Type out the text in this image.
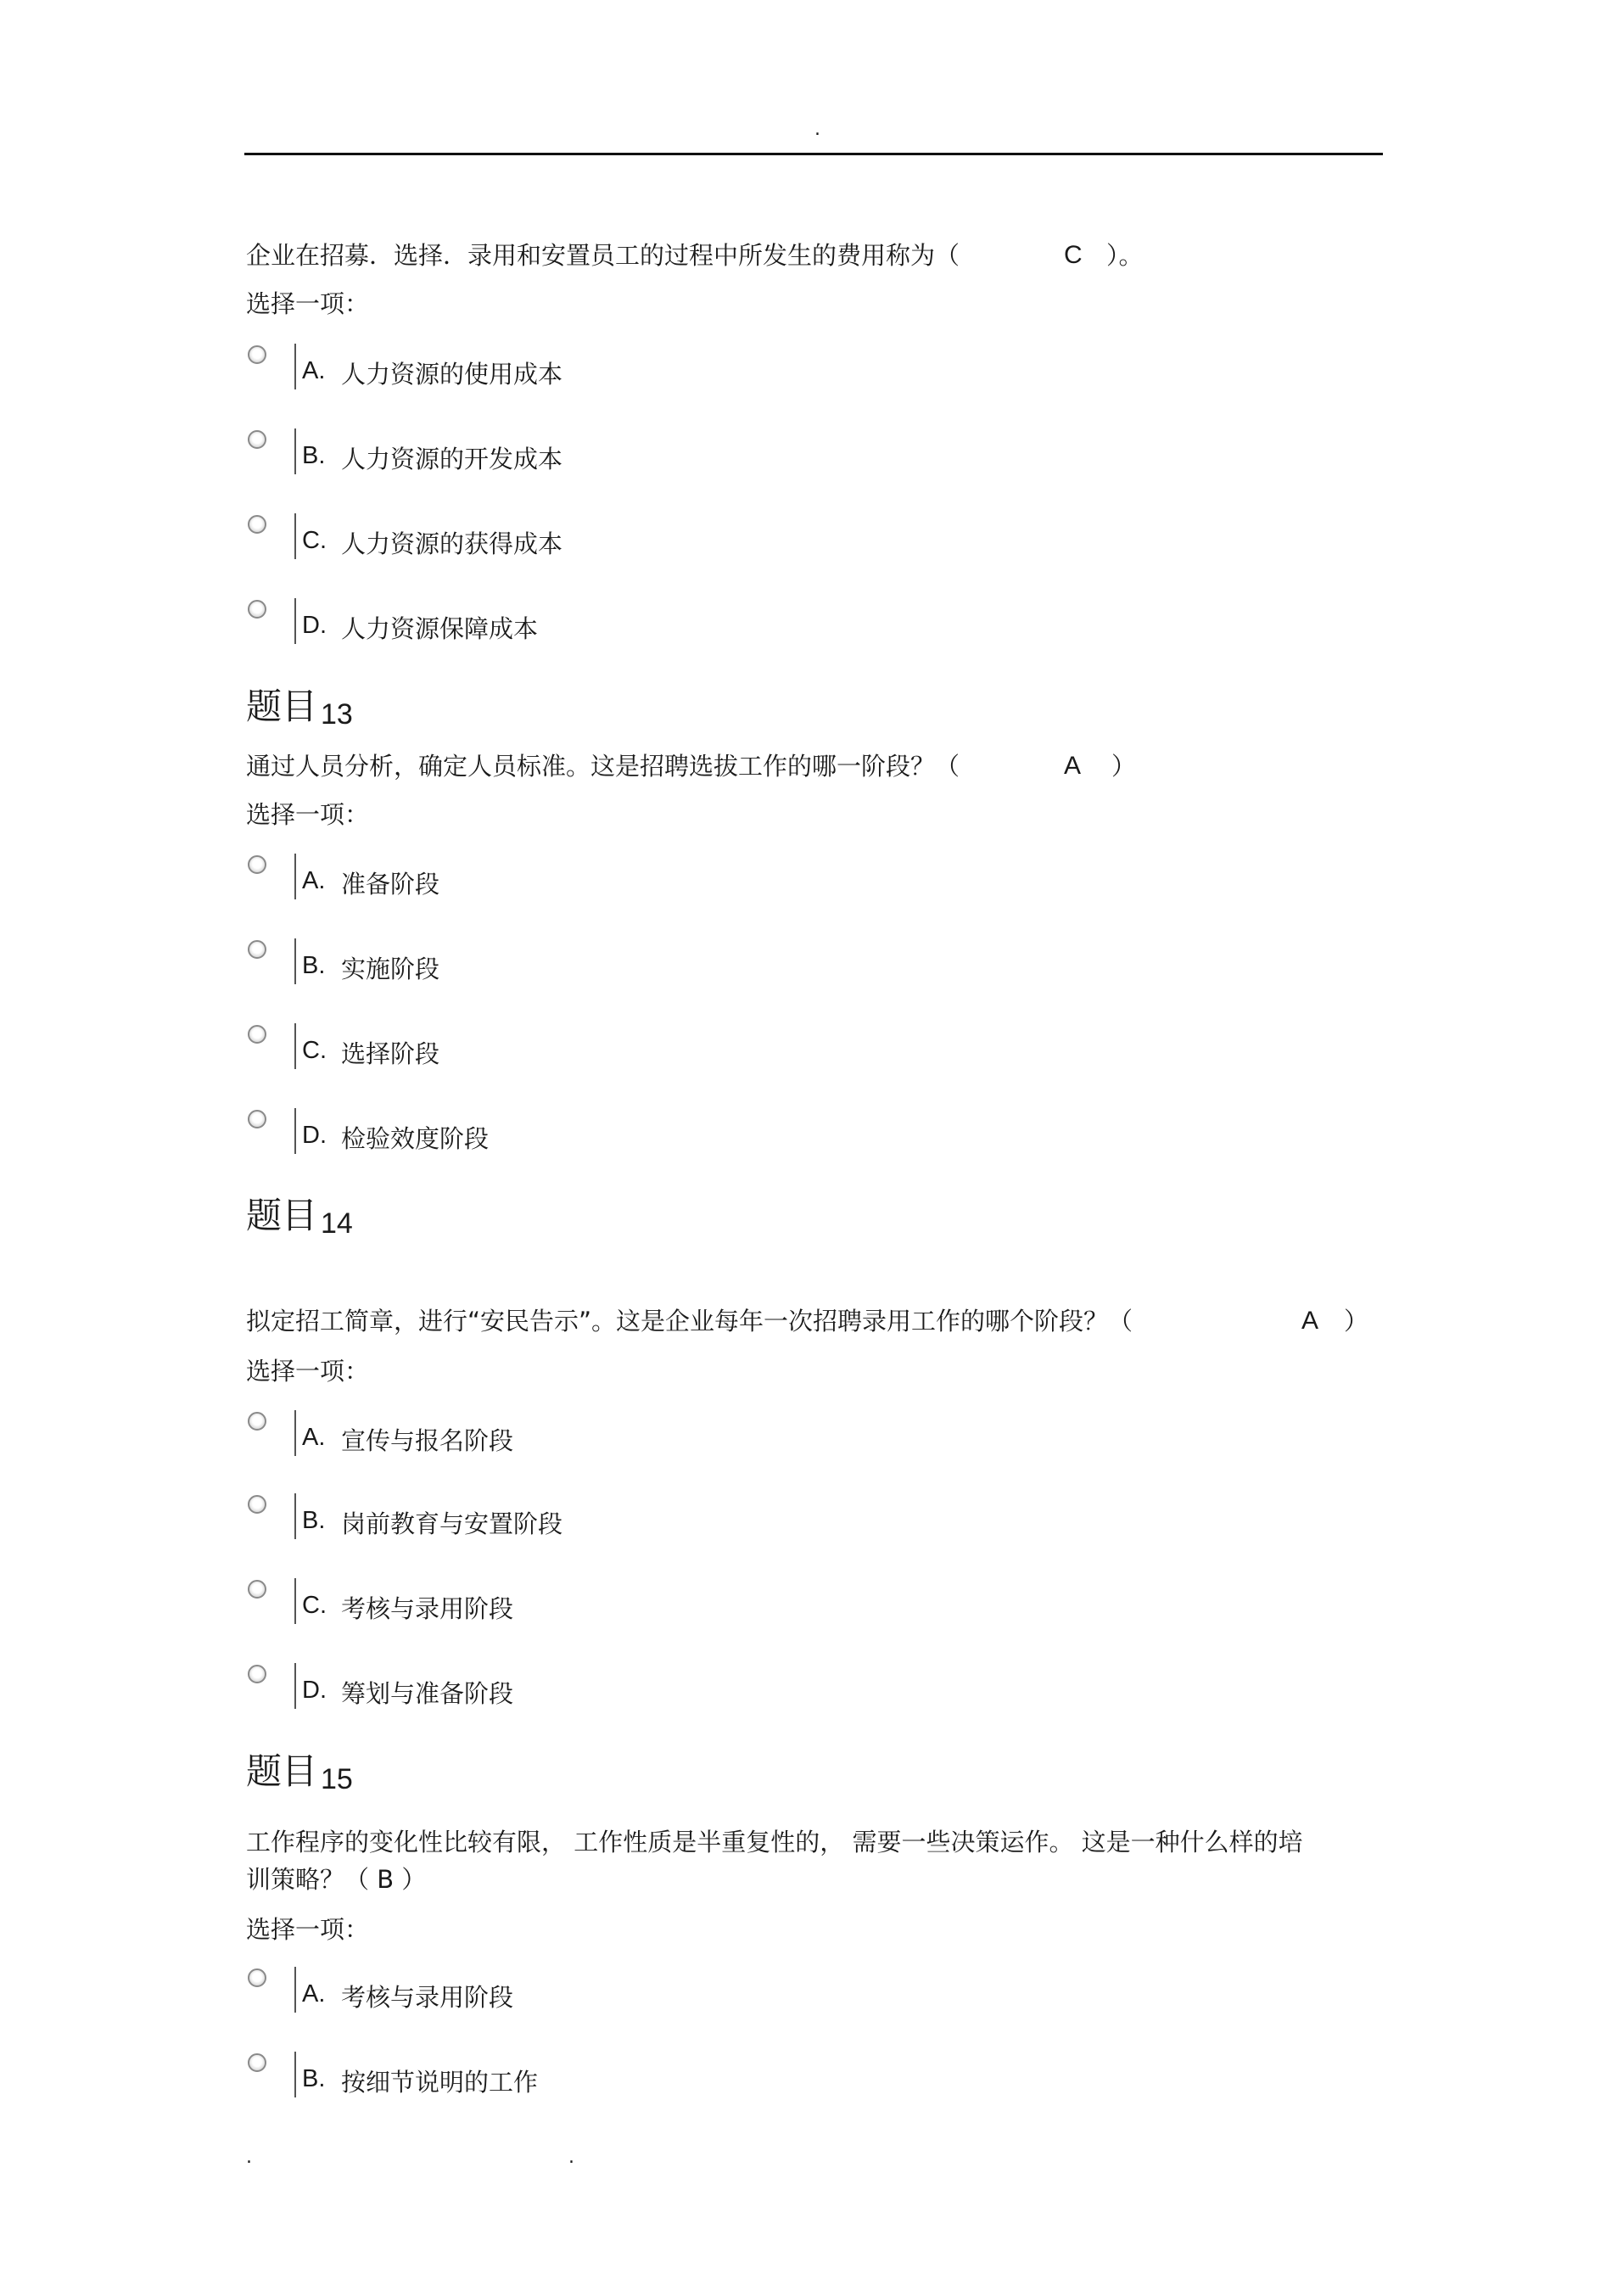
.
企业在招募．选择．录用和安置员工的过程中所发生的费用称为（	C ）。
选择一项：
A. 人力资源的使用成本
B. 人力资源的开发成本
C. 人力资源的获得成本
D. 人力资源保障成本
题目 13
通过人员分析，确定人员标准。这是招聘选拔工作的哪一阶段？（	A ）
选择一项：
A. 准备阶段
B. 实施阶段
C. 选择阶段
D. 检验效度阶段
题目 14
拟定招工简章，进行“安民告示”。这是企业每年一次招聘录用工作的哪个阶段？（	A ）
选择一项：
A. 宣传与报名阶段
B. 岗前教育与安置阶段
C. 考核与录用阶段
D. 筹划与准备阶段
题目 15
工作程序的变化性比较有限， 工作性质是半重复性的， 需要一些决策运作。 这是一种什么样的培
训策略？（ B ）
选择一项：
A. 考核与录用阶段
B. 按细节说明的工作
.	.
